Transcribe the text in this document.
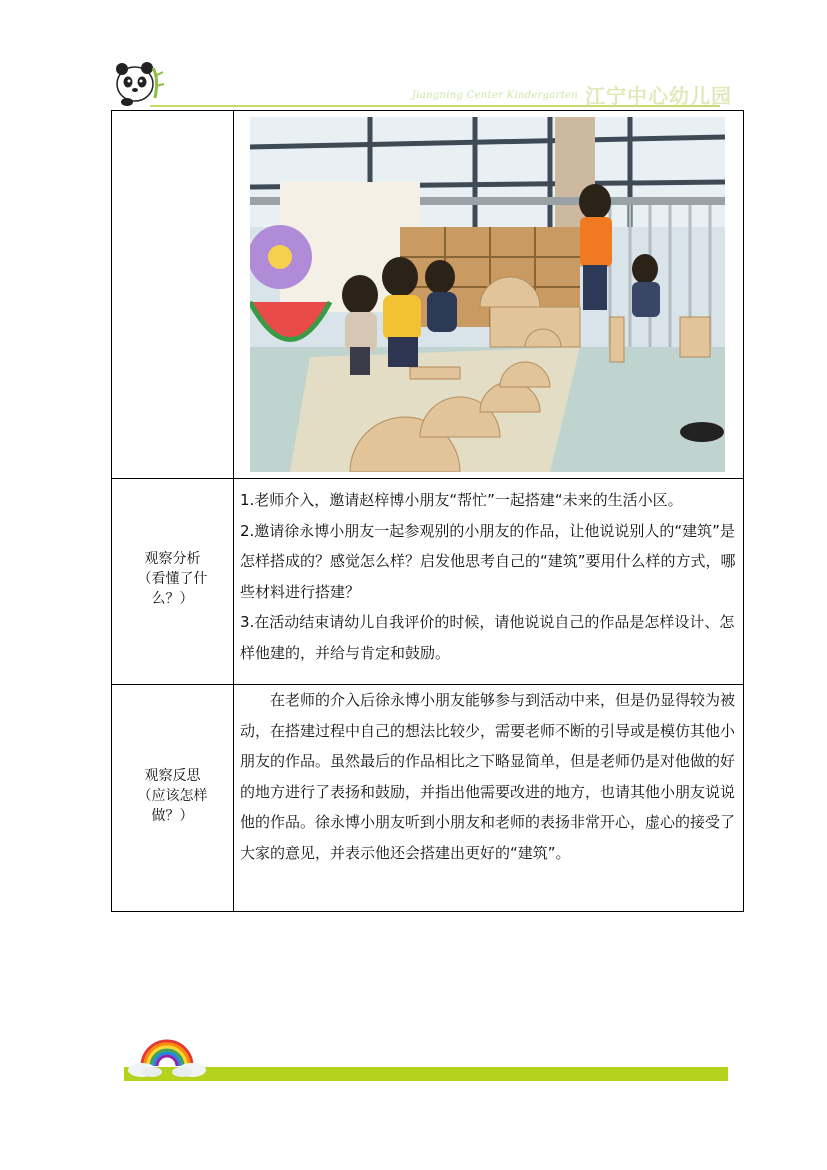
Jiangning Center Kindergarten 江宁中心幼儿园
观察分析
（看懂了什
么？）

1.老师介入，邀请赵梓博小朋友“帮忙”一起搭建“未来的生活小区。

2.邀请徐永博小朋友一起参观别的小朋友的作品，让他说说别人的“建筑”是怎样搭成的？感觉怎么样？启发他思考自己的“建筑”要用什么样的方式，哪些材料进行搭建？

3.在活动结束请幼儿自我评价的时候，请他说说自己的作品是怎样设计、怎样他建的，并给与肯定和鼓励。

观察反思
（应该怎样
做？）

在老师的介入后徐永博小朋友能够参与到活动中来，但是仍显得较为被动，在搭建过程中自己的想法比较少，需要老师不断的引导或是模仿其他小朋友的作品。虽然最后的作品相比之下略显简单，但是老师仍是对他做的好的地方进行了表扬和鼓励，并指出他需要改进的地方，也请其他小朋友说说他的作品。徐永博小朋友听到小朋友和老师的表扬非常开心，虚心的接受了大家的意见，并表示他还会搭建出更好的“建筑”。
